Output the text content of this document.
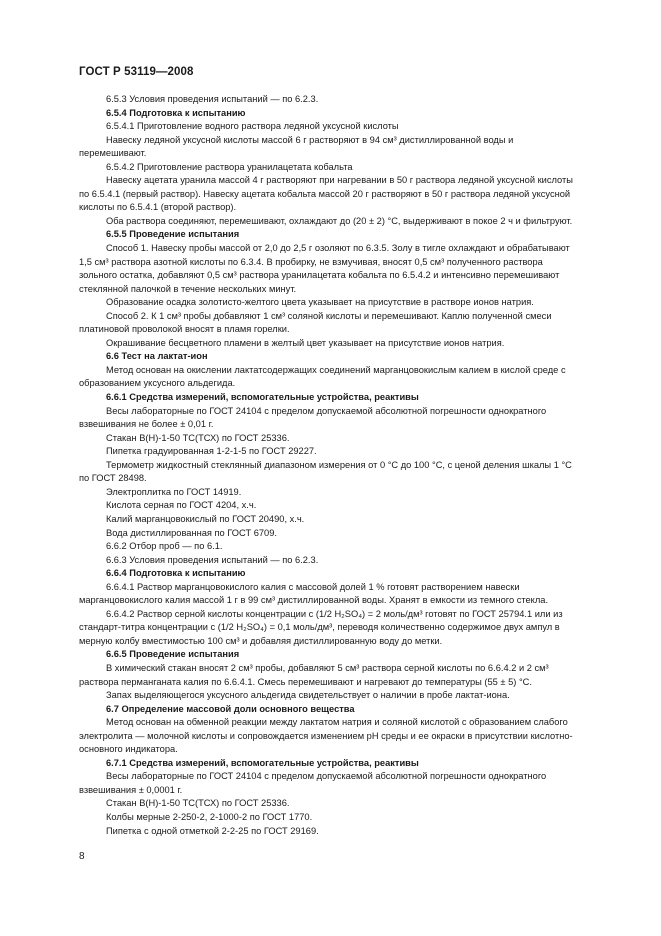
ГОСТ Р 53119—2008

6.5.3 Условия проведения испытаний — по 6.2.3.

6.5.4 Подготовка к испытанию

6.5.4.1 Приготовление водного раствора ледяной уксусной кислоты

Навеску ледяной уксусной кислоты массой 6 г растворяют в 94 см³ дистиллированной воды и перемешивают.

6.5.4.2 Приготовление раствора уранилацетата кобальта

Навеску ацетата уранила массой 4 г растворяют при нагревании в 50 г раствора ледяной уксусной кислоты по 6.5.4.1 (первый раствор). Навеску ацетата кобальта массой 20 г растворяют в 50 г раствора ледяной уксусной кислоты по 6.5.4.1 (второй раствор).

Оба раствора соединяют, перемешивают, охлаждают до (20 ± 2) °С, выдерживают в покое 2 ч и фильтруют.

6.5.5 Проведение испытания

Способ 1. Навеску пробы массой от 2,0 до 2,5 г озоляют по 6.3.5. Золу в тигле охлаждают и обрабатывают 1,5 см³ раствора азотной кислоты по 6.3.4. В пробирку, не взмучивая, вносят 0,5 см³ полученного раствора зольного остатка, добавляют 0,5 см³ раствора уранилацетата кобальта по 6.5.4.2 и интенсивно перемешивают стеклянной палочкой в течение нескольких минут.

Образование осадка золотисто-желтого цвета указывает на присутствие в растворе ионов натрия.

Способ 2. К 1 см³ пробы добавляют 1 см³ соляной кислоты и перемешивают. Каплю полученной смеси платиновой проволокой вносят в пламя горелки.

Окрашивание бесцветного пламени в желтый цвет указывает на присутствие ионов натрия.

6.6 Тест на лактат-ион

Метод основан на окислении лактатсодержащих соединений марганцовокислым калием в кислой среде с образованием уксусного альдегида.

6.6.1 Средства измерений, вспомогательные устройства, реактивы

Весы лабораторные по ГОСТ 24104 с пределом допускаемой абсолютной погрешности однократного взвешивания не более ± 0,01 г.

Стакан В(Н)-1-50 ТС(ТСХ) по ГОСТ 25336.

Пипетка градуированная 1-2-1-5 по ГОСТ 29227.

Термометр жидкостный стеклянный диапазоном измерения от 0 °С до 100 °С, с ценой деления шкалы 1 °С по ГОСТ 28498.

Электроплитка по ГОСТ 14919.

Кислота серная по ГОСТ 4204, х.ч.

Калий марганцовокислый по ГОСТ 20490, х.ч.

Вода дистиллированная по ГОСТ 6709.

6.6.2 Отбор проб — по 6.1.

6.6.3 Условия проведения испытаний — по 6.2.3.

6.6.4 Подготовка к испытанию

6.6.4.1 Раствор марганцовокислого калия с массовой долей 1 % готовят растворением навески марганцовокислого калия массой 1 г в 99 см³ дистиллированной воды. Хранят в емкости из темного стекла.

6.6.4.2 Раствор серной кислоты концентрации с (1/2 H₂SO₄) = 2 моль/дм³ готовят по ГОСТ 25794.1 или из стандарт-титра концентрации с (1/2 H₂SO₄) = 0,1 моль/дм³, переводя количественно содержимое двух ампул в мерную колбу вместимостью 100 см³ и добавляя дистиллированную воду до метки.

6.6.5 Проведение испытания

В химический стакан вносят 2 см³ пробы, добавляют 5 см³ раствора серной кислоты по 6.6.4.2 и 2 см³ раствора перманганата калия по 6.6.4.1. Смесь перемешивают и нагревают до температуры (55 ± 5) °С.

Запах выделяющегося уксусного альдегида свидетельствует о наличии в пробе лактат-иона.

6.7 Определение массовой доли основного вещества

Метод основан на обменной реакции между лактатом натрия и соляной кислотой с образованием слабого электролита — молочной кислоты и сопровождается изменением pH среды и ее окраски в присутствии кислотно-основного индикатора.

6.7.1 Средства измерений, вспомогательные устройства, реактивы

Весы лабораторные по ГОСТ 24104 с пределом допускаемой абсолютной погрешности однократного взвешивания ± 0,0001 г.

Стакан В(Н)-1-50 ТС(ТСХ) по ГОСТ 25336.

Колбы мерные 2-250-2, 2-1000-2 по ГОСТ 1770.

Пипетка с одной отметкой 2-2-25 по ГОСТ 29169.

8
